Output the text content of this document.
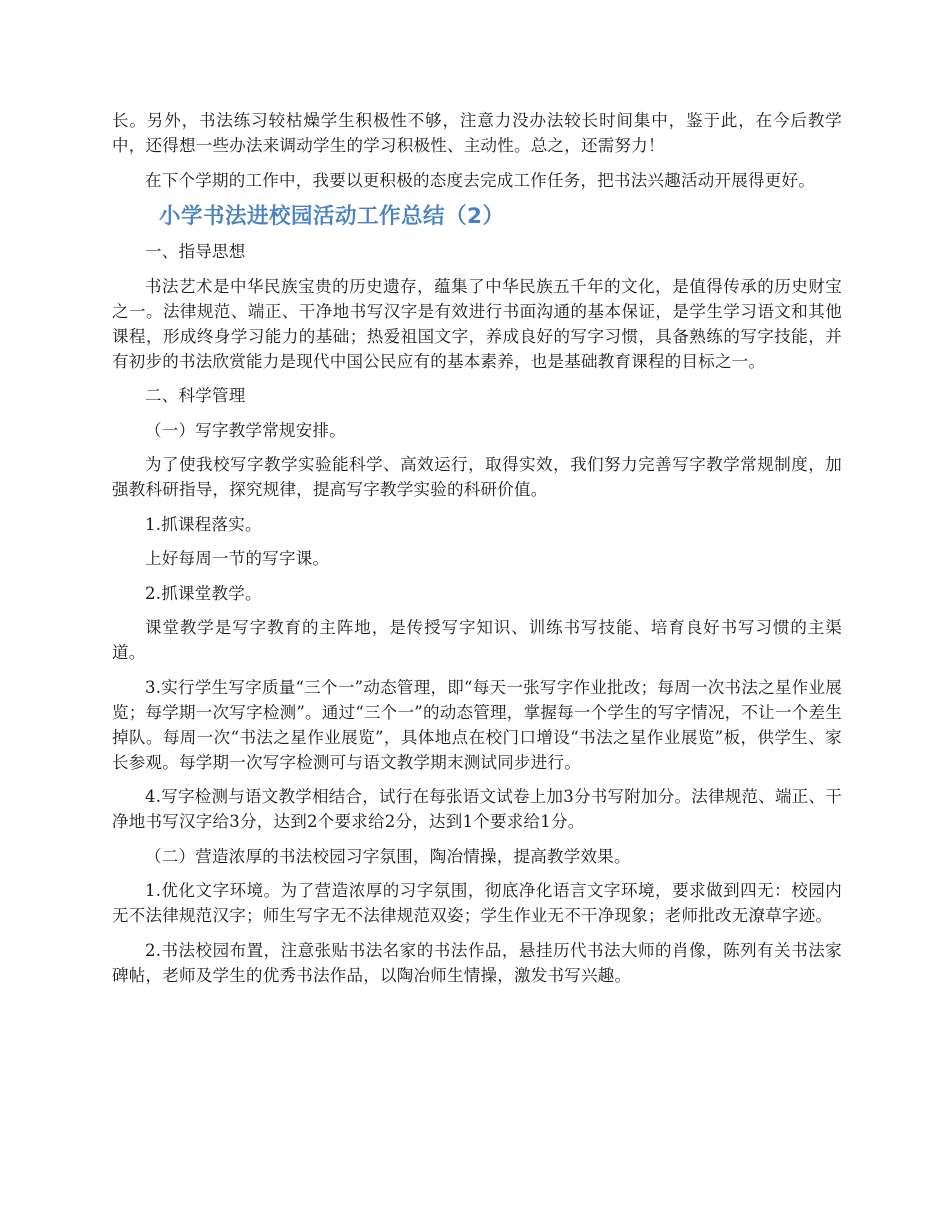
长。另外，书法练习较枯燥学生积极性不够，注意力没办法较长时间集中，鉴于此，在今后教学中，还得想一些办法来调动学生的学习积极性、主动性。总之，还需努力！

在下个学期的工作中，我要以更积极的态度去完成工作任务，把书法兴趣活动开展得更好。

小学书法进校园活动工作总结（2）

一、指导思想

书法艺术是中华民族宝贵的历史遗存，蕴集了中华民族五千年的文化，是值得传承的历史财宝之一。法律规范、端正、干净地书写汉字是有效进行书面沟通的基本保证，是学生学习语文和其他课程，形成终身学习能力的基础；热爱祖国文字，养成良好的写字习惯，具备熟练的写字技能，并有初步的书法欣赏能力是现代中国公民应有的基本素养，也是基础教育课程的目标之一。

二、科学管理

（一）写字教学常规安排。

为了使我校写字教学实验能科学、高效运行，取得实效，我们努力完善写字教学常规制度，加强教科研指导，探究规律，提高写字教学实验的科研价值。

1.抓课程落实。

上好每周一节的写字课。

2.抓课堂教学。

课堂教学是写字教育的主阵地，是传授写字知识、训练书写技能、培育良好书写习惯的主渠道。

3.实行学生写字质量“三个一”动态管理，即“每天一张写字作业批改；每周一次书法之星作业展览；每学期一次写字检测”。通过“三个一”的动态管理，掌握每一个学生的写字情况，不让一个差生掉队。每周一次“书法之星作业展览”，具体地点在校门口增设“书法之星作业展览”板，供学生、家长参观。每学期一次写字检测可与语文教学期末测试同步进行。

4.写字检测与语文教学相结合，试行在每张语文试卷上加3分书写附加分。法律规范、端正、干净地书写汉字给3分，达到2个要求给2分，达到1个要求给1分。

（二）营造浓厚的书法校园习字氛围，陶冶情操，提高教学效果。

1.优化文字环境。为了营造浓厚的习字氛围，彻底净化语言文字环境，要求做到四无：校园内无不法律规范汉字；师生写字无不法律规范双姿；学生作业无不干净现象；老师批改无潦草字迹。

2.书法校园布置，注意张贴书法名家的书法作品，悬挂历代书法大师的肖像，陈列有关书法家碑帖，老师及学生的优秀书法作品，以陶冶师生情操，激发书写兴趣。
